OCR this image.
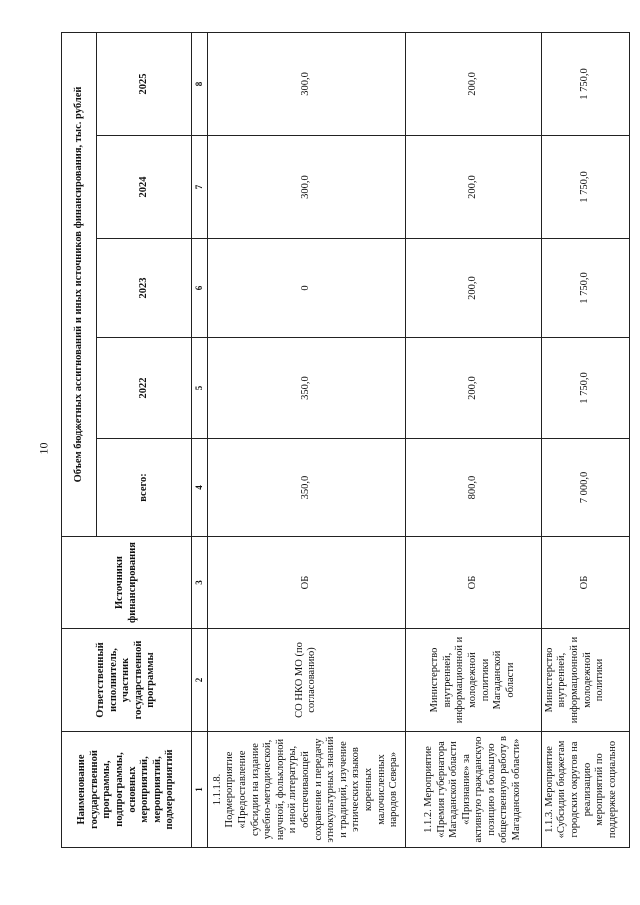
10
Наименование государственной программы, подпрограммы, основных мероприятий, мероприятий, подмероприятий	Ответственный исполнитель, участник государственной программы	Источники финансирования	Объем бюджетных ассигнований и иных источников финансирования, тыс. рублей				
			всего:	2022	2023	2024	2025
1	2	3	4	5	6	7	8
1.1.1.8. Подмероприятие «Предоставление субсидии на издание учебно-методической, научной, фольклорной и иной литературы, обеспечивающей сохранение и передачу этнокультурных знаний и традиций, изучение этнических языков коренных малочисленных народов Севера»	СО НКО МО (по согласованию)	ОБ	350,0	350,0	0	300,0	300,0
1.1.2. Мероприятие «Премия губернатора Магаданской области «Признание» за активную гражданскую позицию и большую общественную работу в Магаданской области»	Министерство внутренней, информационной и молодежной политики Магаданской области	ОБ	800,0	200,0	200,0	200,0	200,0
1.1.3. Мероприятие «Субсидии бюджетам городских округов на реализацию мероприятий по поддержке социально	Министерство внутренней, информационной и молодежной политики	ОБ	7 000,0	1 750,0	1 750,0	1 750,0	1 750,0
